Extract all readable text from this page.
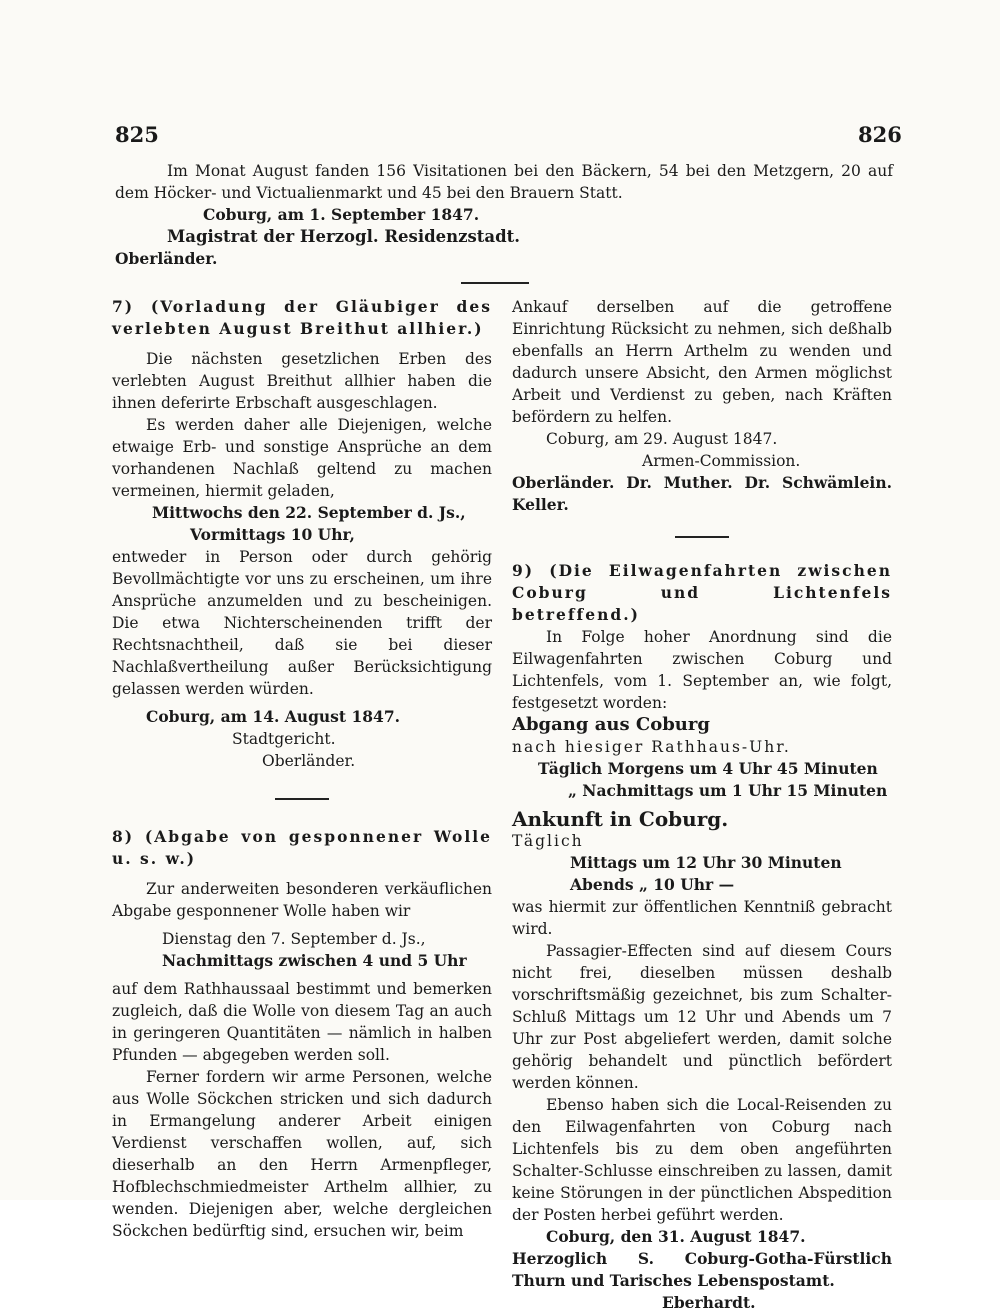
825	826

Im Monat August fanden 156 Visitationen bei den Bäckern, 54 bei den Metzgern, 20 auf dem Höcker- und Victualienmarkt und 45 bei den Brauern Statt.

Coburg, am 1. September 1847.

Magistrat der Herzogl. Residenzstadt.

Oberländer.

7) (Vorladung der Gläubiger des verlebten August Breithut allhier.)

Die nächsten gesetzlichen Erben des verlebten August Breithut allhier haben die ihnen deferirte Erbschaft ausgeschlagen.

Es werden daher alle Diejenigen, welche etwaige Erb- und sonstige Ansprüche an dem vorhandenen Nachlaß geltend zu machen vermeinen, hiermit geladen,

Mittwochs den 22. September d. Js.,

Vormittags 10 Uhr,

entweder in Person oder durch gehörig Bevollmächtigte vor uns zu erscheinen, um ihre Ansprüche anzumelden und zu bescheinigen. Die etwa Nichterscheinenden trifft der Rechtsnachtheil, daß sie bei dieser Nachlaßvertheilung außer Berücksichtigung gelassen werden würden.

Coburg, am 14. August 1847.

Stadtgericht.

Oberländer.

8) (Abgabe von gesponnener Wolle u. s. w.)

Zur anderweiten besonderen verkäuflichen Abgabe gesponnener Wolle haben wir

Dienstag den 7. September d. Js.,

Nachmittags zwischen 4 und 5 Uhr

auf dem Rathhaussaal bestimmt und bemerken zugleich, daß die Wolle von diesem Tag an auch in geringeren Quantitäten — nämlich in halben Pfunden — abgegeben werden soll.

Ferner fordern wir arme Personen, welche aus Wolle Söckchen stricken und sich dadurch in Ermangelung anderer Arbeit einigen Verdienst verschaffen wollen, auf, sich dieserhalb an den Herrn Armenpfleger, Hofblechschmiedmeister Arthelm allhier, zu wenden. Diejenigen aber, welche dergleichen Söckchen bedürftig sind, ersuchen wir, beim

Ankauf derselben auf die getroffene Einrichtung Rücksicht zu nehmen, sich deßhalb ebenfalls an Herrn Arthelm zu wenden und dadurch unsere Absicht, den Armen möglichst Arbeit und Verdienst zu geben, nach Kräften befördern zu helfen.

Coburg, am 29. August 1847.

Armen-Commission.

Oberländer. Dr. Muther. Dr. Schwämlein. Keller.

9) (Die Eilwagenfahrten zwischen Coburg und Lichtenfels betreffend.)

In Folge hoher Anordnung sind die Eilwagenfahrten zwischen Coburg und Lichtenfels, vom 1. September an, wie folgt, festgesetzt worden:

Abgang aus Coburg

nach hiesiger Rathhaus-Uhr.

Täglich Morgens um 4 Uhr 45 Minuten

„ Nachmittags um 1 Uhr 15 Minuten

Ankunft in Coburg.

Täglich

Mittags um 12 Uhr 30 Minuten

Abends „ 10 Uhr —

was hiermit zur öffentlichen Kenntniß gebracht wird.

Passagier-Effecten sind auf diesem Cours nicht frei, dieselben müssen deshalb vorschriftsmäßig gezeichnet, bis zum Schalter-Schluß Mittags um 12 Uhr und Abends um 7 Uhr zur Post abgeliefert werden, damit solche gehörig behandelt und pünctlich befördert werden können.

Ebenso haben sich die Local-Reisenden zu den Eilwagenfahrten von Coburg nach Lichtenfels bis zu dem oben angeführten Schalter-Schlusse einschreiben zu lassen, damit keine Störungen in der pünctlichen Abspedition der Posten herbei geführt werden.

Coburg, den 31. August 1847.

Herzoglich S. Coburg-Gotha-Fürstlich Thurn und Tarisches Lebenspostamt.

Eberhardt.
